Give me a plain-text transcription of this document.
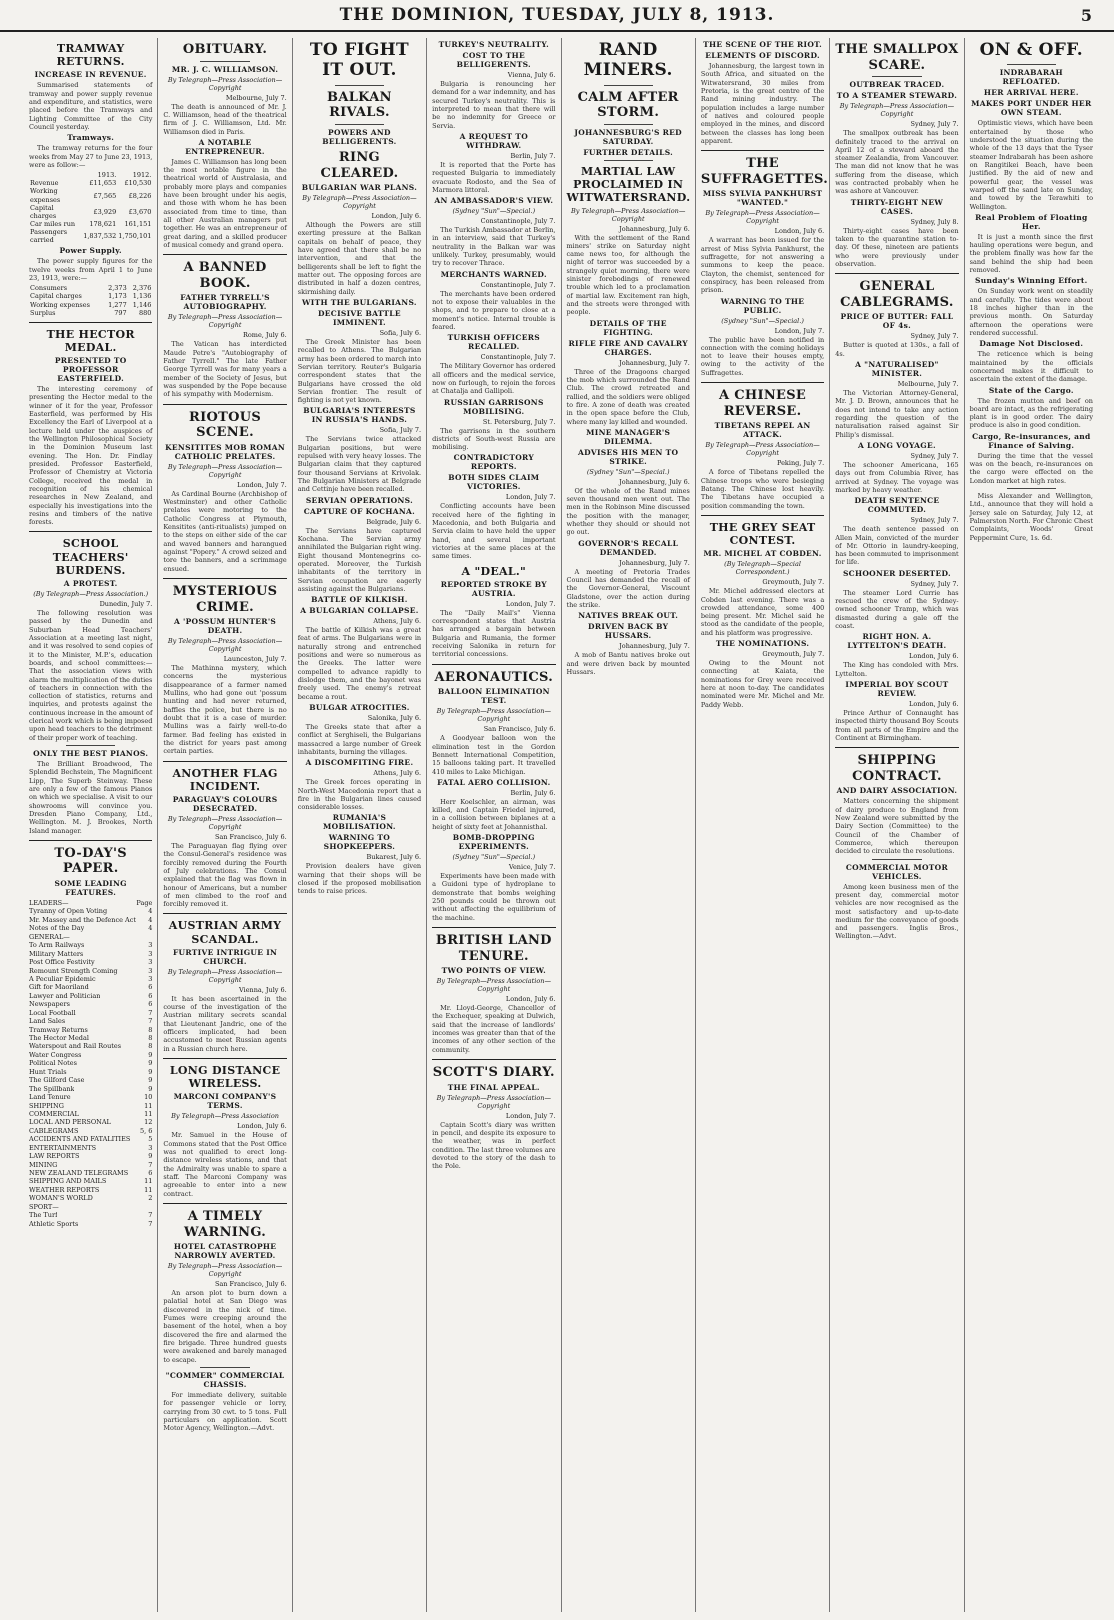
THE DOMINION, TUESDAY, JULY 8, 1913.	5
TRAMWAY RETURNS.
INCREASE IN REVENUE.

Summarised statements of tramway and power supply revenue and expenditure, and statistics, were placed before the Tramways and Lighting Committee of the City Council yesterday.

Tramways.

The tramway returns for the four weeks from May 27 to June 23, 1913, were as follow:—

	1913.	1912.
Revenue	£11,653	£10,530
Working expenses	£7,565	£8,226
Capital charges	£3,929	£3,670
Car miles run	178,621	161,151
Passengers carried	1,837,532	1,750,101
Power Supply.

The power supply figures for the twelve weeks from April 1 to June 23, 1913, were:—

Consumers	2,373	2,376
Capital charges	1,173	1,136
Working expenses	1,277	1,146
Surplus	797	880
THE HECTOR MEDAL.
PRESENTED TO PROFESSOR EASTERFIELD.

The interesting ceremony of presenting the Hector medal to the winner of it for the year, Professor Easterfield, was performed by His Excellency the Earl of Liverpool at a lecture held under the auspices of the Wellington Philosophical Society in the Dominion Museum last evening. The Hon. Dr. Findlay presided. Professor Easterfield, Professor of Chemistry at Victoria College, received the medal in recognition of his chemical researches in New Zealand, and especially his investigations into the resins and timbers of the native forests.

SCHOOL TEACHERS' BURDENS.
A PROTEST.
(By Telegraph—Press Association.)
Dunedin, July 7.

The following resolution was passed by the Dunedin and Suburban Head Teachers' Association at a meeting last night, and it was resolved to send copies of it to the Minister, M.P.'s, education boards, and school committees:— That the association views with alarm the multiplication of the duties of teachers in connection with the collection of statistics, returns and inquiries, and protests against the continuous increase in the amount of clerical work which is being imposed upon head teachers to the detriment of their proper work of teaching.

ONLY THE BEST PIANOS.

The Brilliant Broadwood, The Splendid Bechstein, The Magnificent Lipp, The Superb Steinway. These are only a few of the famous Pianos on which we specialise. A visit to our showrooms will convince you. Dresden Piano Company, Ltd., Wellington. M. J. Brookes, North Island manager.

TO-DAY'S PAPER.
SOME LEADING FEATURES.
LEADERS—	Page
Tyranny of Open Voting	4
Mr. Massey and the Defence Act 4
Notes of the Day	4
GENERAL—
To Arm Railways	3
Military Matters	3
Post Office Festivity	3
Remount Strength Coming	3
A Peculiar Epidemic	3
Gift for Maoriland	6
Lawyer and Politician	6
Newspapers	6
Local Football	7
Land Sales	7
Tramway Returns	8
The Hector Medal	8
Waterspout and Rail Routes	8
Water Congress	9
Political Notes	9
Hunt Trials	9
The Gilford Case	9
The Spillbank	9
Land Tenure	10
SHIPPING	11
COMMERCIAL	11
LOCAL AND PERSONAL	12
CABLEGRAMS	5, 6
ACCIDENTS AND FATALITIES	5
ENTERTAINMENTS	3
LAW REPORTS	9
MINING	7
NEW ZEALAND TELEGRAMS	6
SHIPPING AND MAILS	11
WEATHER REPORTS	11
WOMAN'S WORLD	2
SPORT—
The Turf	7
Athletic Sports	7
OBITUARY.
MR. J. C. WILLIAMSON.
By Telegraph—Press Association—Copyright
Melbourne, July 7.

The death is announced of Mr. J. C. Williamson, head of the theatrical firm of J. C. Williamson, Ltd. Mr. Williamson died in Paris.

A NOTABLE ENTREPRENEUR.

James C. Williamson has long been the most notable figure in the theatrical world of Australasia, and probably more plays and companies have been brought under his aegis, and those with whom he has been associated from time to time, than all other Australian managers put together. He was an entrepreneur of great daring, and a skilled producer of musical comedy and grand opera.

A BANNED BOOK.
FATHER TYRRELL'S AUTOBIOGRAPHY.
By Telegraph—Press Association—Copyright
Rome, July 6.

The Vatican has interdicted Maude Petre's "Autobiography of Father Tyrrell." The late Father George Tyrrell was for many years a member of the Society of Jesus, but was suspended by the Pope because of his sympathy with Modernism.

RIOTOUS SCENE.
KENSITITES MOB ROMAN CATHOLIC PRELATES.
By Telegraph—Press Association—Copyright
London, July 7.

As Cardinal Bourne (Archbishop of Westminster) and other Catholic prelates were motoring to the Catholic Congress at Plymouth, Kensitites (anti-ritualists) jumped on to the steps on either side of the car and waved banners and harangued against "Popery." A crowd seized and tore the banners, and a scrimmage ensued.

MYSTERIOUS CRIME.
A 'POSSUM HUNTER'S DEATH.
By Telegraph—Press Association—Copyright
Launceston, July 7.

The Mathinna mystery, which concerns the mysterious disappearance of a farmer named Mullins, who had gone out 'possum hunting and had never returned, baffles the police, but there is no doubt that it is a case of murder. Mullins was a fairly well-to-do farmer. Bad feeling has existed in the district for years past among certain parties.

ANOTHER FLAG INCIDENT.
PARAGUAY'S COLOURS DESECRATED.
By Telegraph—Press Association—Copyright
San Francisco, July 6.

The Paraguayan flag flying over the Consul-General's residence was forcibly removed during the Fourth of July celebrations. The Consul explained that the flag was flown in honour of Americans, but a number of men climbed to the roof and forcibly removed it.

AUSTRIAN ARMY SCANDAL.
FURTIVE INTRIGUE IN CHURCH.
By Telegraph—Press Association—Copyright
Vienna, July 6.

It has been ascertained in the course of the investigation of the Austrian military secrets scandal that Lieutenant Jandric, one of the officers implicated, had been accustomed to meet Russian agents in a Russian church here.

LONG DISTANCE WIRELESS.
MARCONI COMPANY'S TERMS.
By Telegraph—Press Association
London, July 6.

Mr. Samuel in the House of Commons stated that the Post Office was not qualified to erect long-distance wireless stations, and that the Admiralty was unable to spare a staff. The Marconi Company was agreeable to enter into a new contract.

A TIMELY WARNING.
HOTEL CATASTROPHE NARROWLY AVERTED.
By Telegraph—Press Association—Copyright
San Francisco, July 6.

An arson plot to burn down a palatial hotel at San Diego was discovered in the nick of time. Fumes were creeping around the basement of the hotel, when a boy discovered the fire and alarmed the fire brigade. Three hundred guests were awakened and barely managed to escape.

"COMMER" COMMERCIAL CHASSIS.

For immediate delivery, suitable for passenger vehicle or lorry, carrying from 30 cwt. to 5 tons. Full particulars on application. Scott Motor Agency, Wellington.—Advt.

TO FIGHT IT OUT.
BALKAN RIVALS.
POWERS AND BELLIGERENTS.
RING CLEARED.
BULGARIAN WAR PLANS.
By Telegraph—Press Association—Copyright
London, July 6.

Although the Powers are still exerting pressure at the Balkan capitals on behalf of peace, they have agreed that there shall be no intervention, and that the belligerents shall be left to fight the matter out. The opposing forces are distributed in half a dozen centres, skirmishing daily.

WITH THE BULGARIANS.
DECISIVE BATTLE IMMINENT.
Sofia, July 6.

The Greek Minister has been recalled to Athens. The Bulgarian army has been ordered to march into Servian territory. Reuter's Bulgaria correspondent states that the Bulgarians have crossed the old Servian frontier. The result of fighting is not yet known.

BULGARIA'S INTERESTS IN RUSSIA'S HANDS.
Sofia, July 7.

The Servians twice attacked Bulgarian positions, but were repulsed with very heavy losses. The Bulgarian claim that they captured four thousand Servians at Krivolak. The Bulgarian Ministers at Belgrade and Cettinje have been recalled.

SERVIAN OPERATIONS.
CAPTURE OF KOCHANA.
Belgrade, July 6.

The Servians have captured Kochana. The Servian army annihilated the Bulgarian right wing. Eight thousand Montenegrins co-operated. Moreover, the Turkish inhabitants of the territory in Servian occupation are eagerly assisting against the Bulgarians.

BATTLE OF KILKISH.
A BULGARIAN COLLAPSE.
Athens, July 6.

The battle of Kilkish was a great feat of arms. The Bulgarians were in naturally strong and entrenched positions and were so numerous as the Greeks. The latter were compelled to advance rapidly to dislodge them, and the bayonet was freely used. The enemy's retreat became a rout.

BULGAR ATROCITIES.
Salonika, July 6.

The Greeks state that after a conflict at Serghiseli, the Bulgarians massacred a large number of Greek inhabitants, burning the villages.

A DISCOMFITING FIRE.
Athens, July 6.

The Greek forces operating in North-West Macedonia report that a fire in the Bulgarian lines caused considerable losses.

RUMANIA'S MOBILISATION.
WARNING TO SHOPKEEPERS.
Bukarest, July 6.

Provision dealers have given warning that their shops will be closed if the proposed mobilisation tends to raise prices.

TURKEY'S NEUTRALITY.
COST TO THE BELLIGERENTS.
Vienna, July 6.

Bulgaria is renouncing her demand for a war indemnity, and has secured Turkey's neutrality. This is interpreted to mean that there will be no indemnity for Greece or Servia.

A REQUEST TO WITHDRAW.
Berlin, July 7.

It is reported that the Porte has requested Bulgaria to immediately evacuate Rodosto, and the Sea of Marmora littoral.

AN AMBASSADOR'S VIEW.
(Sydney "Sun"—Special.)
Constantinople, July 7.

The Turkish Ambassador at Berlin, in an interview, said that Turkey's neutrality in the Balkan war was unlikely. Turkey, presumably, would try to recover Thrace.

MERCHANTS WARNED.
Constantinople, July 7.

The merchants have been ordered not to expose their valuables in the shops, and to prepare to close at a moment's notice. Internal trouble is feared.

TURKISH OFFICERS RECALLED.
Constantinople, July 7.

The Military Governor has ordered all officers and the medical service, now on furlough, to rejoin the forces at Chatalja and Gallipoli.

RUSSIAN GARRISONS MOBILISING.
St. Petersburg, July 7.

The garrisons in the southern districts of South-west Russia are mobilising.

CONTRADICTORY REPORTS.
BOTH SIDES CLAIM VICTORIES.
London, July 7.

Conflicting accounts have been received here of the fighting in Macedonia, and both Bulgaria and Servia claim to have held the upper hand, and several important victories at the same places at the same times.

A "DEAL."
REPORTED STROKE BY AUSTRIA.
London, July 7.

The "Daily Mail's" Vienna correspondent states that Austria has arranged a bargain between Bulgaria and Rumania, the former receiving Salonika in return for territorial concessions.

AERONAUTICS.
BALLOON ELIMINATION TEST.
By Telegraph—Press Association—Copyright
San Francisco, July 6.

A Goodyear balloon won the elimination test in the Gordon Bennett International Competition, 15 balloons taking part. It travelled 410 miles to Lake Michigan.

FATAL AERO COLLISION.
Berlin, July 6.

Herr Koelschler, an airman, was killed, and Captain Friedel injured, in a collision between biplanes at a height of sixty feet at Johannisthal.

BOMB-DROPPING EXPERIMENTS.
(Sydney "Sun"—Special.)
Venice, July 7.

Experiments have been made with a Guidoni type of hydroplane to demonstrate that bombs weighing 250 pounds could be thrown out without affecting the equilibrium of the machine.

BRITISH LAND TENURE.
TWO POINTS OF VIEW.
By Telegraph—Press Association—Copyright
London, July 6.

Mr. Lloyd-George, Chancellor of the Exchequer, speaking at Dulwich, said that the increase of landlords' incomes was greater than that of the incomes of any other section of the community.

SCOTT'S DIARY.
THE FINAL APPEAL.
By Telegraph—Press Association—Copyright
London, July 7.

Captain Scott's diary was written in pencil, and despite its exposure to the weather, was in perfect condition. The last three volumes are devoted to the story of the dash to the Pole.

RAND MINERS.
CALM AFTER STORM.
JOHANNESBURG'S RED SATURDAY.
FURTHER DETAILS.
MARTIAL LAW PROCLAIMED IN WITWATERSRAND.
By Telegraph—Press Association—Copyright
Johannesburg, July 6.

With the settlement of the Rand miners' strike on Saturday night came news too, for although the night of terror was succeeded by a strangely quiet morning, there were sinister forebodings of renewed trouble which led to a proclamation of martial law. Excitement ran high, and the streets were thronged with people.

DETAILS OF THE FIGHTING.
RIFLE FIRE AND CAVALRY CHARGES.
Johannesburg, July 7.

Three of the Dragoons charged the mob which surrounded the Rand Club. The crowd retreated and rallied, and the soldiers were obliged to fire. A zone of death was created in the open space before the Club, where many lay killed and wounded.

MINE MANAGER'S DILEMMA.
ADVISES HIS MEN TO STRIKE.
(Sydney "Sun"—Special.)
Johannesburg, July 6.

Of the whole of the Rand mines seven thousand men went out. The men in the Robinson Mine discussed the position with the manager, whether they should or should not go out.

GOVERNOR'S RECALL DEMANDED.
Johannesburg, July 7.

A meeting of Pretoria Trades Council has demanded the recall of the Governor-General, Viscount Gladstone, over the action during the strike.

NATIVES BREAK OUT.
DRIVEN BACK BY HUSSARS.
Johannesburg, July 7.

A mob of Bantu natives broke out and were driven back by mounted Hussars.

THE SCENE OF THE RIOT.
ELEMENTS OF DISCORD.

Johannesburg, the largest town in South Africa, and situated on the Witwatersrand, 30 miles from Pretoria, is the great centre of the Rand mining industry. The population includes a large number of natives and coloured people employed in the mines, and discord between the classes has long been apparent.

THE SUFFRAGETTES.
MISS SYLVIA PANKHURST "WANTED."
By Telegraph—Press Association—Copyright
London, July 6.

A warrant has been issued for the arrest of Miss Sylvia Pankhurst, the suffragette, for not answering a summons to keep the peace. Clayton, the chemist, sentenced for conspiracy, has been released from prison.

WARNING TO THE PUBLIC.
(Sydney "Sun"—Special.)
London, July 7.

The public have been notified in connection with the coming holidays not to leave their houses empty, owing to the activity of the Suffragettes.

A CHINESE REVERSE.
TIBETANS REPEL AN ATTACK.
By Telegraph—Press Association—Copyright
Peking, July 7.

A force of Tibetans repelled the Chinese troops who were besieging Batang. The Chinese lost heavily. The Tibetans have occupied a position commanding the town.

THE GREY SEAT CONTEST.
MR. MICHEL AT COBDEN.
(By Telegraph—Special Correspondent.)
Greymouth, July 7.

Mr. Michel addressed electors at Cobden last evening. There was a crowded attendance, some 400 being present. Mr. Michel said he stood as the candidate of the people, and his platform was progressive.

THE NOMINATIONS.
Greymouth, July 7.

Owing to the Mount not connecting at Kaiata, the nominations for Grey were received here at noon to-day. The candidates nominated were Mr. Michel and Mr. Paddy Webb.

THE SMALLPOX SCARE.
OUTBREAK TRACED.
TO A STEAMER STEWARD.
By Telegraph—Press Association—Copyright
Sydney, July 7.

The smallpox outbreak has been definitely traced to the arrival on April 12 of a steward aboard the steamer Zealandia, from Vancouver. The man did not know that he was suffering from the disease, which was contracted probably when he was ashore at Vancouver.

THIRTY-EIGHT NEW CASES.
Sydney, July 8.

Thirty-eight cases have been taken to the quarantine station to-day. Of these, nineteen are patients who were previously under observation.

GENERAL CABLEGRAMS.
PRICE OF BUTTER: FALL OF 4s.
Sydney, July 7.

Butter is quoted at 130s., a fall of 4s.

A "NATURALISED" MINISTER.
Melbourne, July 7.

The Victorian Attorney-General, Mr. J. D. Brown, announces that he does not intend to take any action regarding the question of the naturalisation raised against Sir Philip's dismissal.

A LONG VOYAGE.
Sydney, July 7.

The schooner Americana, 165 days out from Columbia River, has arrived at Sydney. The voyage was marked by heavy weather.

DEATH SENTENCE COMMUTED.
Sydney, July 7.

The death sentence passed on Allen Main, convicted of the murder of Mr. Ottorio in laundry-keeping, has been commuted to imprisonment for life.

SCHOONER DESERTED.
Sydney, July 7.

The steamer Lord Currie has rescued the crew of the Sydney-owned schooner Tramp, which was dismasted during a gale off the coast.

RIGHT HON. A. LYTTELTON'S DEATH.
London, July 6.

The King has condoled with Mrs. Lyttelton.

IMPERIAL BOY SCOUT REVIEW.
London, July 6.

Prince Arthur of Connaught has inspected thirty thousand Boy Scouts from all parts of the Empire and the Continent at Birmingham.

SHIPPING CONTRACT.
AND DAIRY ASSOCIATION.

Matters concerning the shipment of dairy produce to England from New Zealand were submitted by the Dairy Section (Committee) to the Council of the Chamber of Commerce, which thereupon decided to circulate the resolutions.

COMMERCIAL MOTOR VEHICLES.

Among keen business men of the present day, commercial motor vehicles are now recognised as the most satisfactory and up-to-date medium for the conveyance of goods and passengers. Inglis Bros., Wellington.—Advt.

ON & OFF.
INDRABARAH REFLOATED.
HER ARRIVAL HERE.
MAKES PORT UNDER HER OWN STEAM.

Optimistic views, which have been entertained by those who understood the situation during the whole of the 13 days that the Tyser steamer Indrabarah has been ashore on Rangitikei Beach, have been justified. By the aid of new and powerful gear, the vessel was warped off the sand late on Sunday, and towed by the Terawhiti to Wellington.

Real Problem of Floating Her.

It is just a month since the first hauling operations were begun, and the problem finally was how far the sand behind the ship had been removed.

Sunday's Winning Effort.

On Sunday work went on steadily and carefully. The tides were about 18 inches higher than in the previous month. On Saturday afternoon the operations were rendered successful.

Damage Not Disclosed.

The reticence which is being maintained by the officials concerned makes it difficult to ascertain the extent of the damage.

State of the Cargo.

The frozen mutton and beef on board are intact, as the refrigerating plant is in good order. The dairy produce is also in good condition.

Cargo, Re-insurances, and Finance of Salving.

During the time that the vessel was on the beach, re-insurances on the cargo were effected on the London market at high rates.

Miss Alexander and Wellington, Ltd., announce that they will hold a Jersey sale on Saturday, July 12, at Palmerston North. For Chronic Chest Complaints, Woods' Great Peppermint Cure, 1s. 6d.
